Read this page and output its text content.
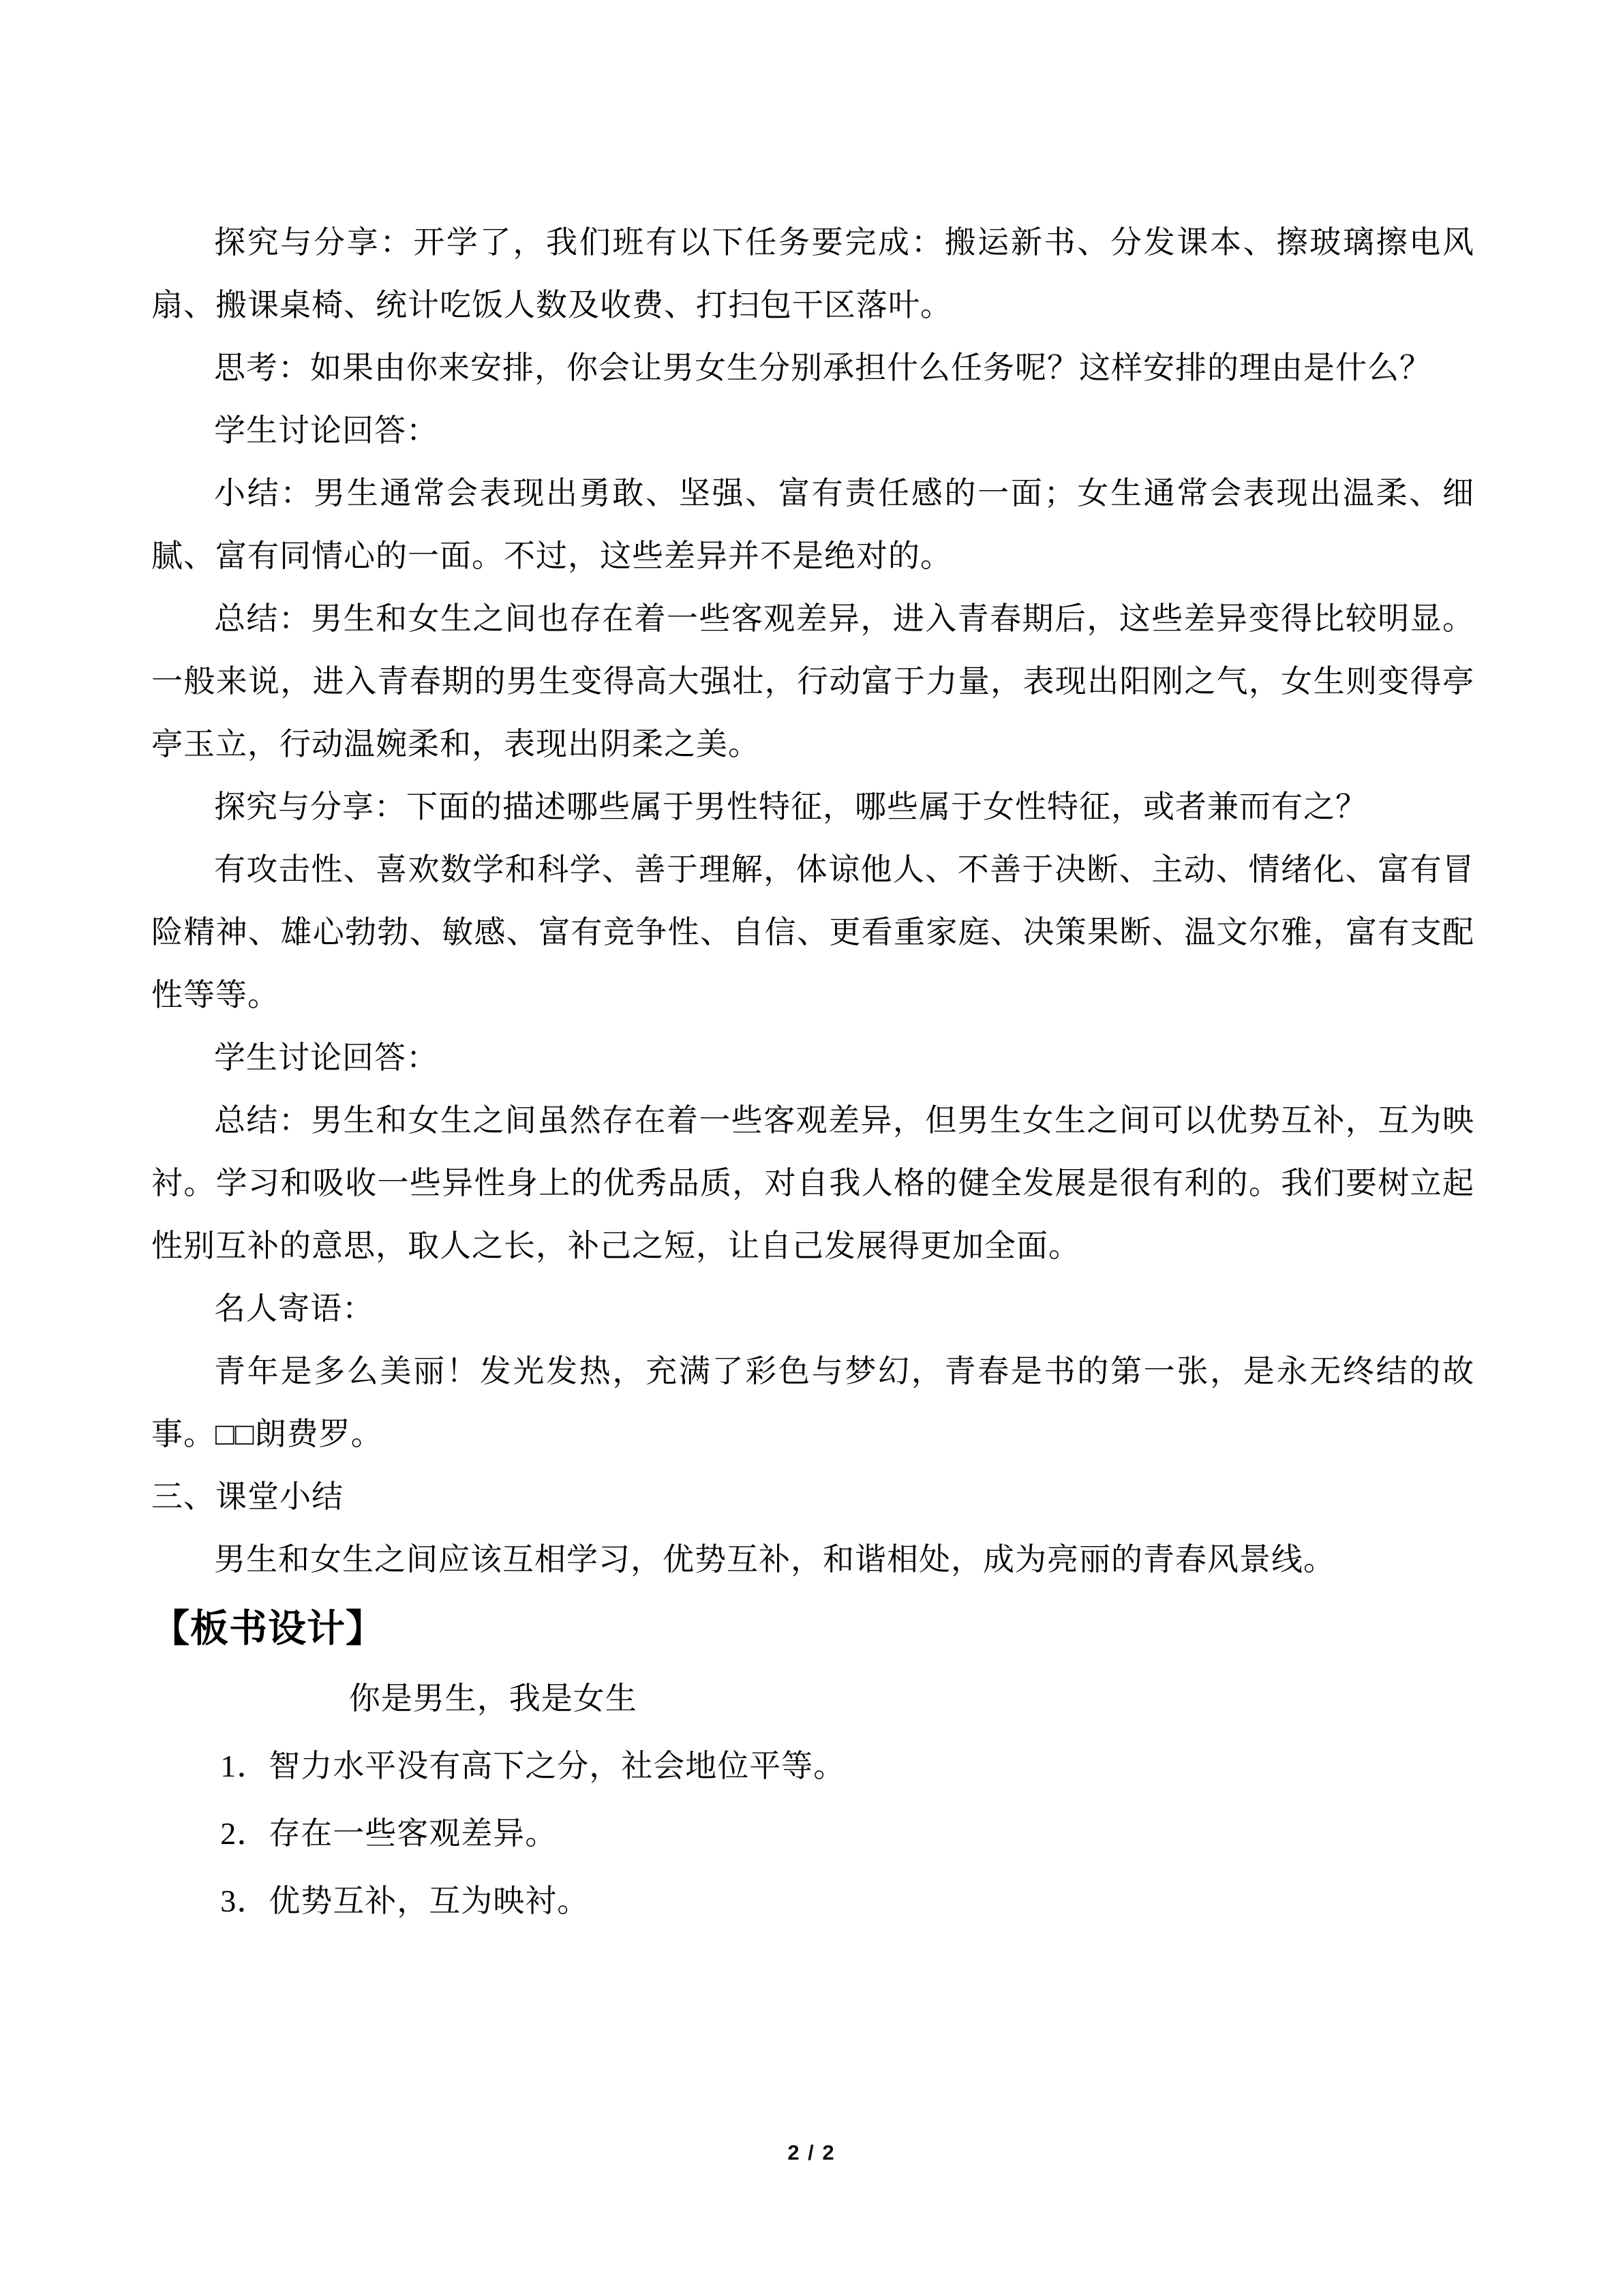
探究与分享：开学了，我们班有以下任务要完成：搬运新书、分发课本、擦玻璃擦电风扇、搬课桌椅、统计吃饭人数及收费、打扫包干区落叶。

思考：如果由你来安排，你会让男女生分别承担什么任务呢？这样安排的理由是什么？

学生讨论回答：

小结：男生通常会表现出勇敢、坚强、富有责任感的一面；女生通常会表现出温柔、细腻、富有同情心的一面。不过，这些差异并不是绝对的。

总结：男生和女生之间也存在着一些客观差异，进入青春期后，这些差异变得比较明显。一般来说，进入青春期的男生变得高大强壮，行动富于力量，表现出阳刚之气，女生则变得亭亭玉立，行动温婉柔和，表现出阴柔之美。

探究与分享：下面的描述哪些属于男性特征，哪些属于女性特征，或者兼而有之？

有攻击性、喜欢数学和科学、善于理解，体谅他人、不善于决断、主动、情绪化、富有冒险精神、雄心勃勃、敏感、富有竞争性、自信、更看重家庭、决策果断、温文尔雅，富有支配性等等。

学生讨论回答：

总结：男生和女生之间虽然存在着一些客观差异，但男生女生之间可以优势互补，互为映衬。学习和吸收一些异性身上的优秀品质，对自我人格的健全发展是很有利的。我们要树立起性别互补的意思，取人之长，补己之短，让自己发展得更加全面。

名人寄语：

青年是多么美丽！发光发热，充满了彩色与梦幻，青春是书的第一张，是永无终结的故事。□□朗费罗。

三、课堂小结

男生和女生之间应该互相学习，优势互补，和谐相处，成为亮丽的青春风景线。

【板书设计】

你是男生，我是女生

1．智力水平没有高下之分，社会地位平等。

2．存在一些客观差异。

3．优势互补，互为映衬。

2 / 2
